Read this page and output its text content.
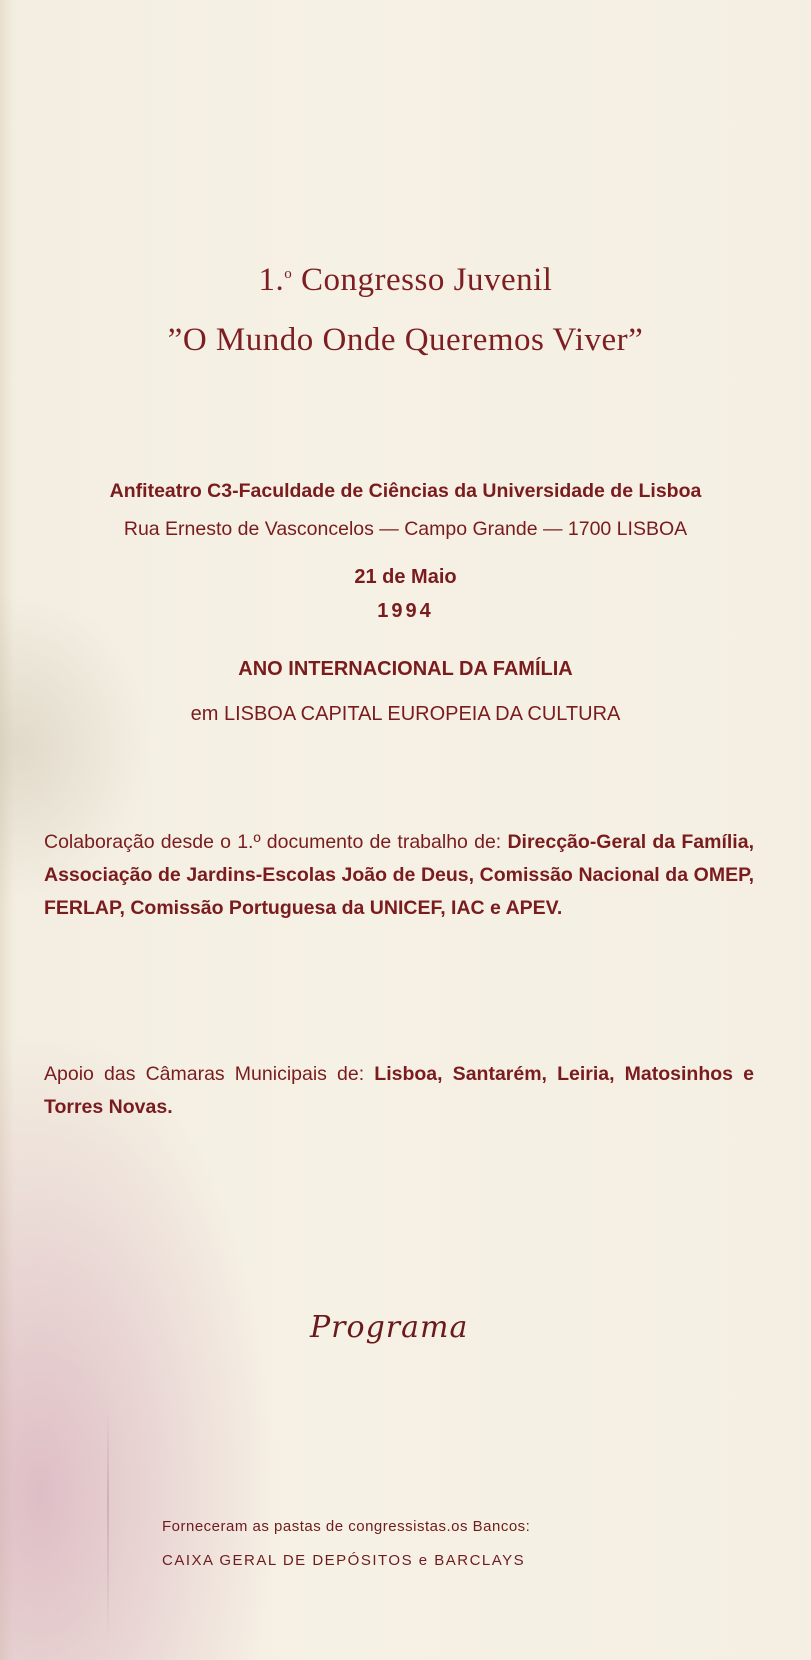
1.$^o$ Congresso Juvenil
”O Mundo Onde Queremos Viver”
Anfiteatro C3-Faculdade de Ciências da Universidade de Lisboa
Rua Ernesto de Vasconcelos — Campo Grande — 1700 LISBOA
21 de Maio
1994
ANO INTERNACIONAL DA FAMÍLIA
em LISBOA CAPITAL EUROPEIA DA CULTURA
Colaboração desde o 1.º documento de trabalho de: Direcção-Geral da Família, Associação de Jardins-Escolas João de Deus, Comissão Nacional da OMEP, FERLAP, Comissão Portuguesa da UNICEF, IAC e APEV.
Apoio das Câmaras Municipais de: Lisboa, Santarém, Leiria, Matosinhos e Torres Novas.
Programa
Forneceram as pastas de congressistas.os Bancos:
CAIXA GERAL DE DEPÓSITOS e BARCLAYS
